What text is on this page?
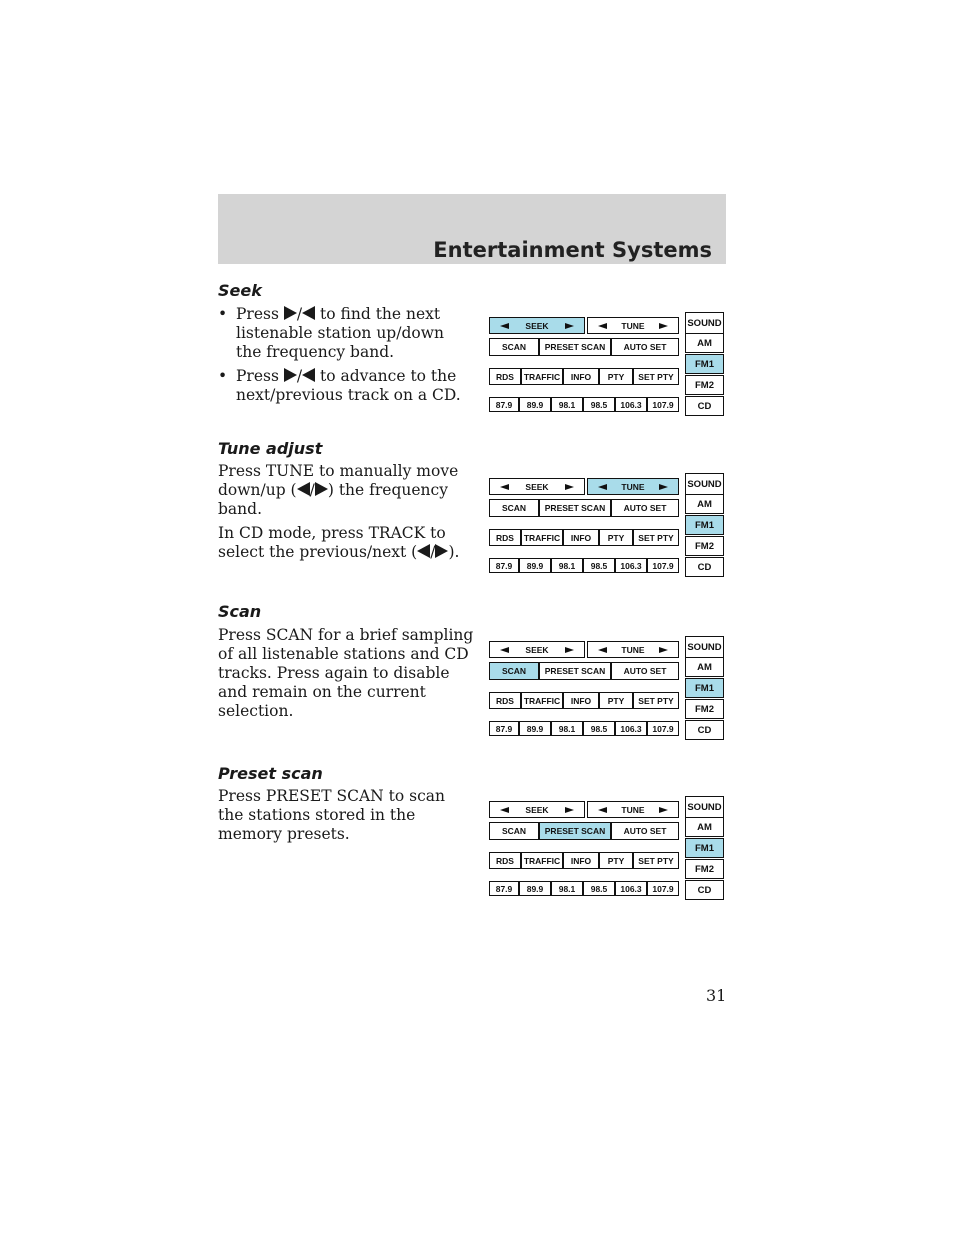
Entertainment Systems
Seek
• Press / to find the next listenable station up/down the frequency band.
• Press / to advance to the next/previous track on a CD.
Tune adjust
Press TUNE to manually move down/up ( / ) the frequency band.
In CD mode, press TRACK to select the previous/next ( / ).
Scan
Press SCAN for a brief sampling of all listenable stations and CD tracks. Press again to disable and remain on the current selection.
Preset scan
Press PRESET SCAN to scan the stations stored in the memory presets.
SEEK	TUNE
SCAN PRESET SCAN AUTO SET
RDS TRAFFIC INFO PTY SET PTY
87.9 89.9 98.1 98.5 106.3 107.9
SOUND
AM
FM1
FM2
CD
SEEK	TUNE
SCAN PRESET SCAN AUTO SET
RDS TRAFFIC INFO PTY SET PTY
87.9 89.9 98.1 98.5 106.3 107.9
SOUND
AM
FM1
FM2
CD
SEEK	TUNE
SCAN PRESET SCAN AUTO SET
RDS TRAFFIC INFO PTY SET PTY
87.9 89.9 98.1 98.5 106.3 107.9
SOUND
AM
FM1
FM2
CD
SEEK	TUNE
SCAN PRESET SCAN AUTO SET
RDS TRAFFIC INFO PTY SET PTY
87.9 89.9 98.1 98.5 106.3 107.9
SOUND
AM
FM1
FM2
CD
31
